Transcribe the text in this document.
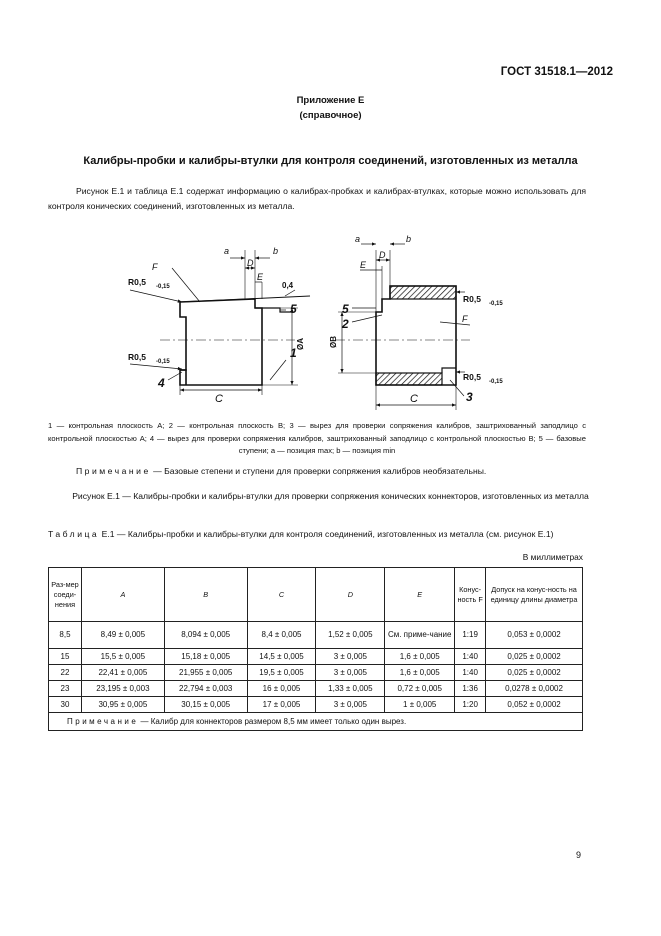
ГОСТ 31518.1—2012
Приложение Е
(справочное)
Калибры-пробки и калибры-втулки для контроля соединений, изготовленных из металла
Рисунок Е.1 и таблица Е.1 содержат информацию о калибрах-пробках и калибрах-втулках, которые можно использовать для контроля конических соединений, изготовленных из металла.
a	b
D
E
F
R0,5 -0,15
R0,5 -0,15
0,4
ØA
C
4
1
5
a	b
D
E
F
R0,5 -0,15
R0,5 -0,15
ØB
C
5
2
3
1 — контрольная плоскость A; 2 — контрольная плоскость B; 3 — вырез для проверки сопряжения калибров, заштрихованный заподлицо с контрольной плоскостью A; 4 — вырез для проверки сопряжения калибров, заштрихованный заподлицо с контрольной плоскостью B; 5 — базовые ступени; a — позиция max; b — позиция min
Примечание — Базовые степени и ступени для проверки сопряжения калибров необязательны.
Рисунок Е.1 — Калибры-пробки и калибры-втулки для проверки сопряжения конических коннекторов, изготовленных из металла
Таблица Е.1 — Калибры-пробки и калибры-втулки для контроля соединений, изготовленных из металла (см. рисунок Е.1)
В миллиметрах
Раз-мер соеди-нения	A	B	C	D	E	Конус-ность F	Допуск на конус-ность на единицу длины диаметра
8,5	8,49 ± 0,005	8,094 ± 0,005	8,4 ± 0,005	1,52 ± 0,005	См. приме-чание	1:19	0,053 ± 0,0002
15	15,5 ± 0,005	15,18 ± 0,005	14,5 ± 0,005	3 ± 0,005	1,6 ± 0,005	1:40	0,025 ± 0,0002
22	22,41 ± 0,005	21,955 ± 0,005	19,5 ± 0,005	3 ± 0,005	1,6 ± 0,005	1:40	0,025 ± 0,0002
23	23,195 ± 0,003	22,794 ± 0,003	16 ± 0,005	1,33 ± 0,005	0,72 ± 0,005	1:36	0,0278 ± 0,0002
30	30,95 ± 0,005	30,15 ± 0,005	17 ± 0,005	3 ± 0,005	1 ± 0,005	1:20	0,052 ± 0,0002
Примечание — Калибр для коннекторов размером 8,5 мм имеет только один вырез.							
9
